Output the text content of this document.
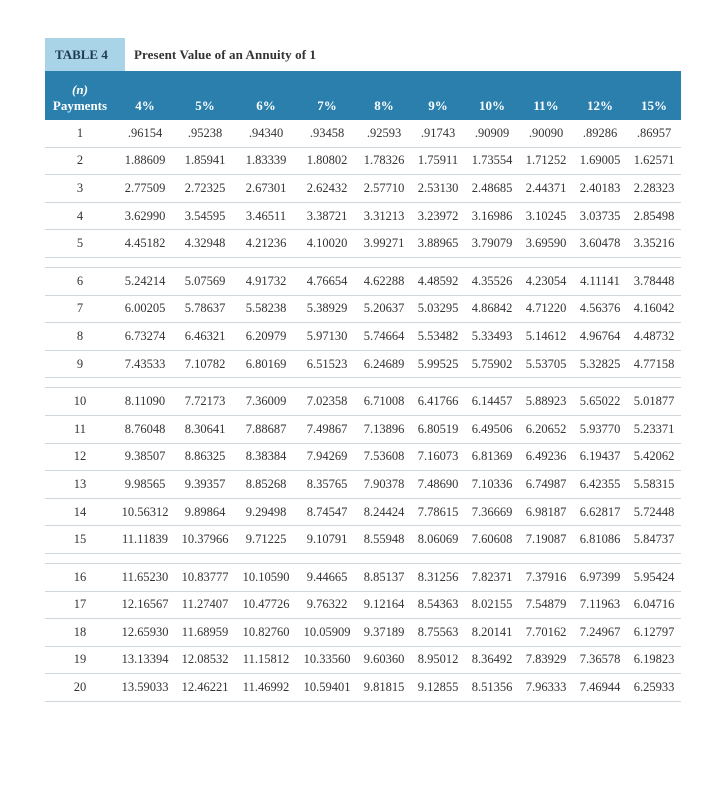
TABLE 4	Present Value of an Annuity of 1
(n)
Payments	4%	5%	6%	7%	8%	9%	10%	11%	12%	15%
1	.96154	.95238	.94340	.93458	.92593	.91743	.90909	.90090	.89286	.86957
2	1.88609	1.85941	1.83339	1.80802	1.78326	1.75911	1.73554	1.71252	1.69005	1.62571
3	2.77509	2.72325	2.67301	2.62432	2.57710	2.53130	2.48685	2.44371	2.40183	2.28323
4	3.62990	3.54595	3.46511	3.38721	3.31213	3.23972	3.16986	3.10245	3.03735	2.85498
5	4.45182	4.32948	4.21236	4.10020	3.99271	3.88965	3.79079	3.69590	3.60478	3.35216

6	5.24214	5.07569	4.91732	4.76654	4.62288	4.48592	4.35526	4.23054	4.11141	3.78448
7	6.00205	5.78637	5.58238	5.38929	5.20637	5.03295	4.86842	4.71220	4.56376	4.16042
8	6.73274	6.46321	6.20979	5.97130	5.74664	5.53482	5.33493	5.14612	4.96764	4.48732
9	7.43533	7.10782	6.80169	6.51523	6.24689	5.99525	5.75902	5.53705	5.32825	4.77158

10	8.11090	7.72173	7.36009	7.02358	6.71008	6.41766	6.14457	5.88923	5.65022	5.01877
11	8.76048	8.30641	7.88687	7.49867	7.13896	6.80519	6.49506	6.20652	5.93770	5.23371
12	9.38507	8.86325	8.38384	7.94269	7.53608	7.16073	6.81369	6.49236	6.19437	5.42062
13	9.98565	9.39357	8.85268	8.35765	7.90378	7.48690	7.10336	6.74987	6.42355	5.58315
14	10.56312	9.89864	9.29498	8.74547	8.24424	7.78615	7.36669	6.98187	6.62817	5.72448
15	11.11839	10.37966	9.71225	9.10791	8.55948	8.06069	7.60608	7.19087	6.81086	5.84737

16	11.65230	10.83777	10.10590	9.44665	8.85137	8.31256	7.82371	7.37916	6.97399	5.95424
17	12.16567	11.27407	10.47726	9.76322	9.12164	8.54363	8.02155	7.54879	7.11963	6.04716
18	12.65930	11.68959	10.82760	10.05909	9.37189	8.75563	8.20141	7.70162	7.24967	6.12797
19	13.13394	12.08532	11.15812	10.33560	9.60360	8.95012	8.36492	7.83929	7.36578	6.19823
20	13.59033	12.46221	11.46992	10.59401	9.81815	9.12855	8.51356	7.96333	7.46944	6.25933
